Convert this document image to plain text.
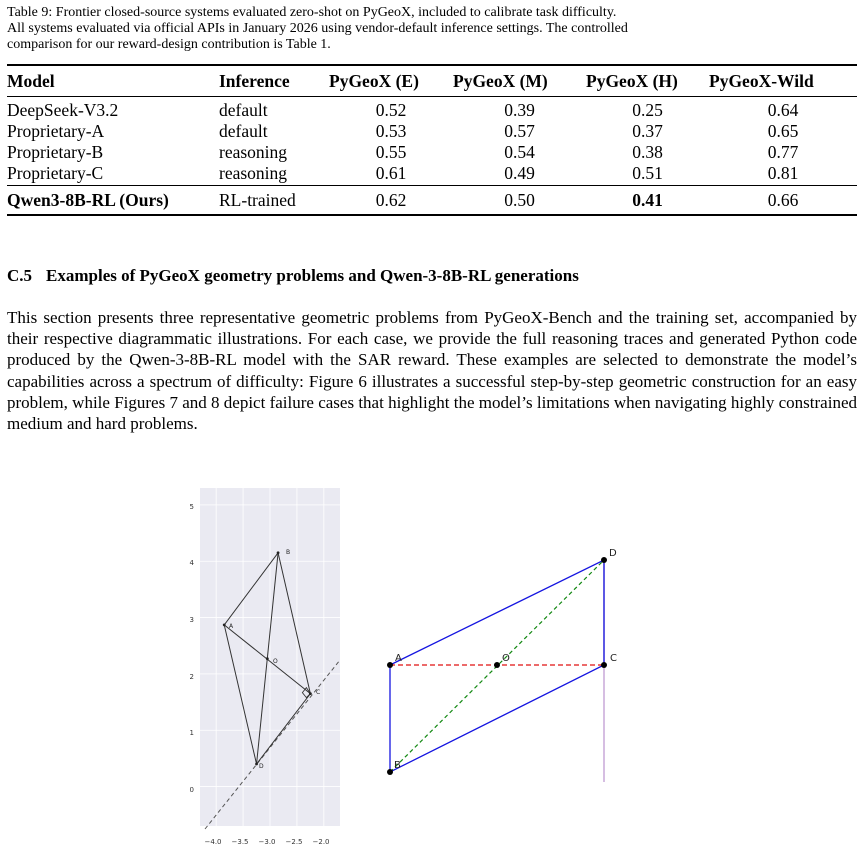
Table 9: Frontier closed-source systems evaluated zero-shot on PyGeoX, included to calibrate task difficulty.
All systems evaluated via official APIs in January 2026 using vendor-default inference settings. The controlled
comparison for our reward-design contribution is Table 1.
Model	Inference	PyGeoX (E)	PyGeoX (M)	PyGeoX (H)	PyGeoX-Wild
DeepSeek-V3.2	default	0.52	0.39	0.25	0.64
Proprietary-A	default	0.53	0.57	0.37	0.65
Proprietary-B	reasoning	0.55	0.54	0.38	0.77
Proprietary-C	reasoning	0.61	0.49	0.51	0.81
Qwen3-8B-RL (Ours)	RL-trained	0.62	0.50	0.41	0.66
C.5 Examples of PyGeoX geometry problems and Qwen-3-8B-RL generations
This section presents three representative geometric problems from PyGeoX-Bench and the training set, accompanied by their respective diagrammatic illustrations. For each case, we provide the full reasoning traces and generated Python code produced by the Qwen-3-8B-RL model with the SAR reward. These examples are selected to demonstrate the model’s capabilities across a spectrum of difficulty: Figure 6 illustrates a successful step-by-step geometric construction for an easy problem, while Figures 7 and 8 depict failure cases that highlight the model’s limitations when navigating highly constrained medium and hard problems.
−4.0 −3.5 −3.0 −2.5 −2.0
0
1
2
3
4
5
A
B
C
D
O	A
B
C
D
O
